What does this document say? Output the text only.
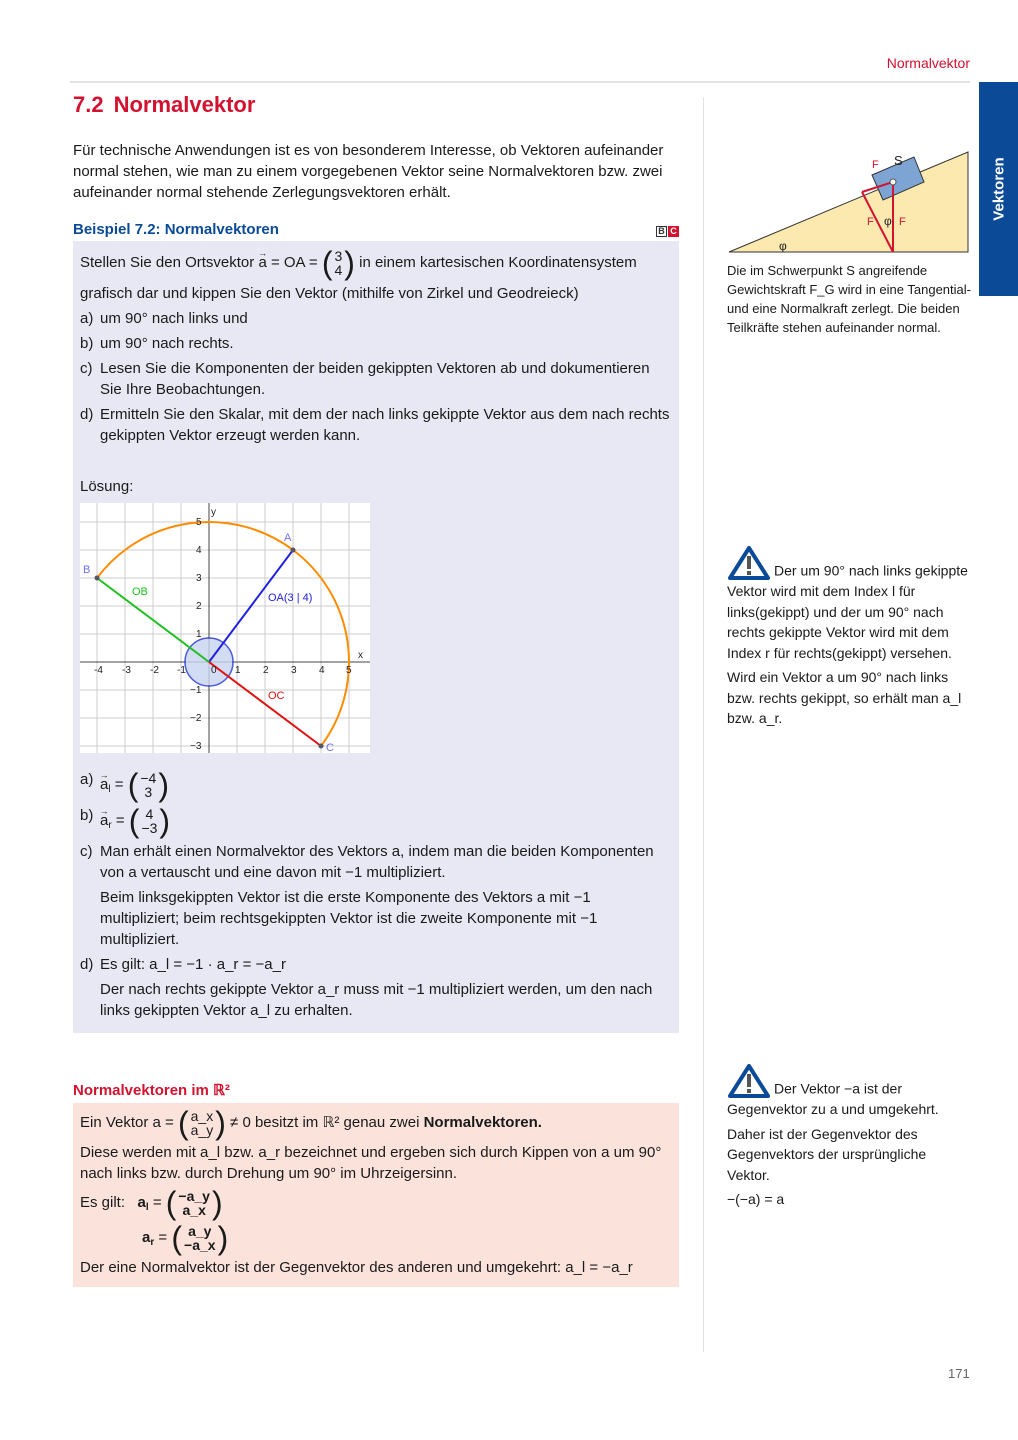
Normalvektor
Vektoren
7.2 Normalvektor
Für technische Anwendungen ist es von besonderem Interesse, ob Vektoren aufeinander normal stehen, wie man zu einem vorgegebenen Vektor seine Normalvektoren bzw. zwei aufeinander normal stehende Zerlegungsvektoren erhält.
Beispiel 7.2: Normalvektoren	B C

Stellen Sie den Ortsvektor → a = OA = ( 3
4 ) in einem kartesischen Koordinatensystem

grafisch dar und kippen Sie den Vektor (mithilfe von Zirkel und Geodreieck)

a) um 90° nach links und
b) um 90° nach rechts.
c) Lesen Sie die Komponenten der beiden gekippten Vektoren ab und dokumentieren Sie Ihre Beobachtungen.
d) Ermitteln Sie den Skalar, mit dem der nach links gekippte Vektor aus dem nach rechts gekippten Vektor erzeugt werden kann.
Lösung:
-4 -3 -2 -1	0 1 2 3 4 5
5
4
3
2
1
−1
−2
−3
y
x
A
B
C
OA(3 | 4)
OB
OC
$a) \to a_l$ = ( −4
3 )
$b) \to a_r$ = ( 4
−3 )
c) Man erhält einen Normalvektor des Vektors a, indem man die beiden Komponenten von a vertauscht und eine davon mit −1 multipliziert.

Beim linksgekippten Vektor ist die erste Komponente des Vektors a mit −1 multipliziert; beim rechtsgekippten Vektor ist die zweite Komponente mit −1 multipliziert.
d) Es gilt: a_l = −1 · a_r = −a_r

Der nach rechts gekippte Vektor a_r muss mit −1 multipliziert werden, um den nach links gekippten Vektor a_l zu erhalten.
Normalvektoren im ℝ²

Ein Vektor a = ( a_x
a_y ) ≠ 0 besitzt im ℝ² genau zwei Normalvektoren.

Diese werden mit a_l bzw. a_r bezeichnet und ergeben sich durch Kippen von a um 90° nach links bzw. durch Drehung um 90° im Uhrzeigersinn.

Es gilt: $a_l$ = ( −a_y
a_x )

$a_r$ = ( a_y
−a_x )

Der eine Normalvektor ist der Gegenvektor des anderen und umgekehrt: a_l = −a_r

S
F
F F
φ
φ
Die im Schwerpunkt S angreifende Gewichtskraft F_G wird in eine Tangential- und eine Normalkraft zerlegt. Die beiden Teilkräfte stehen aufeinander normal.

Der um 90° nach links gekippte Vektor wird mit dem Index l für links(gekippt) und der um 90° nach rechts gekippte Vektor wird mit dem Index r für rechts(gekippt) versehen.

Wird ein Vektor a um 90° nach links bzw. rechts gekippt, so erhält man a_l bzw. a_r.

Der Vektor −a ist der Gegenvektor zu a und umgekehrt.

Daher ist der Gegenvektor des Gegenvektors der ursprüngliche Vektor.

−(−a) = a

171
